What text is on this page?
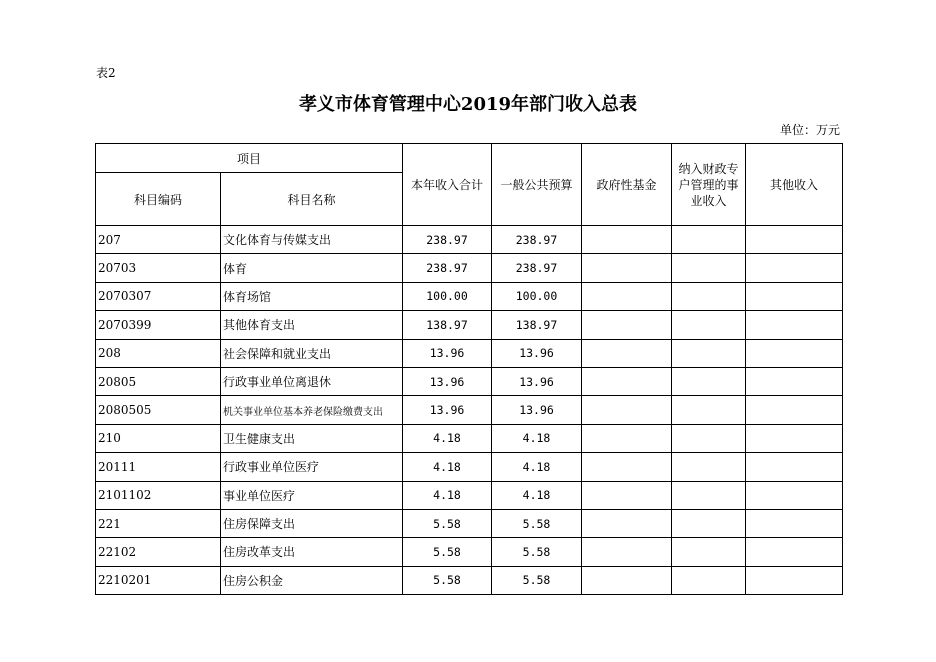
表2
孝义市体育管理中心2019年部门收入总表
单位：万元
项目		本年收入合计	一般公共预算	政府性基金	纳入财政专户管理的事业收入	其他收入
科目编码	科目名称					
207	文化体育与传媒支出	238.97	238.97			
20703	体育	238.97	238.97			
2070307	体育场馆	100.00	100.00			
2070399	其他体育支出	138.97	138.97			
208	社会保障和就业支出	13.96	13.96			
20805	行政事业单位离退休	13.96	13.96			
2080505	机关事业单位基本养老保险缴费支出	13.96	13.96			
210	卫生健康支出	4.18	4.18			
20111	行政事业单位医疗	4.18	4.18			
2101102	事业单位医疗	4.18	4.18			
221	住房保障支出	5.58	5.58			
22102	住房改革支出	5.58	5.58			
2210201	住房公积金	5.58	5.58			
